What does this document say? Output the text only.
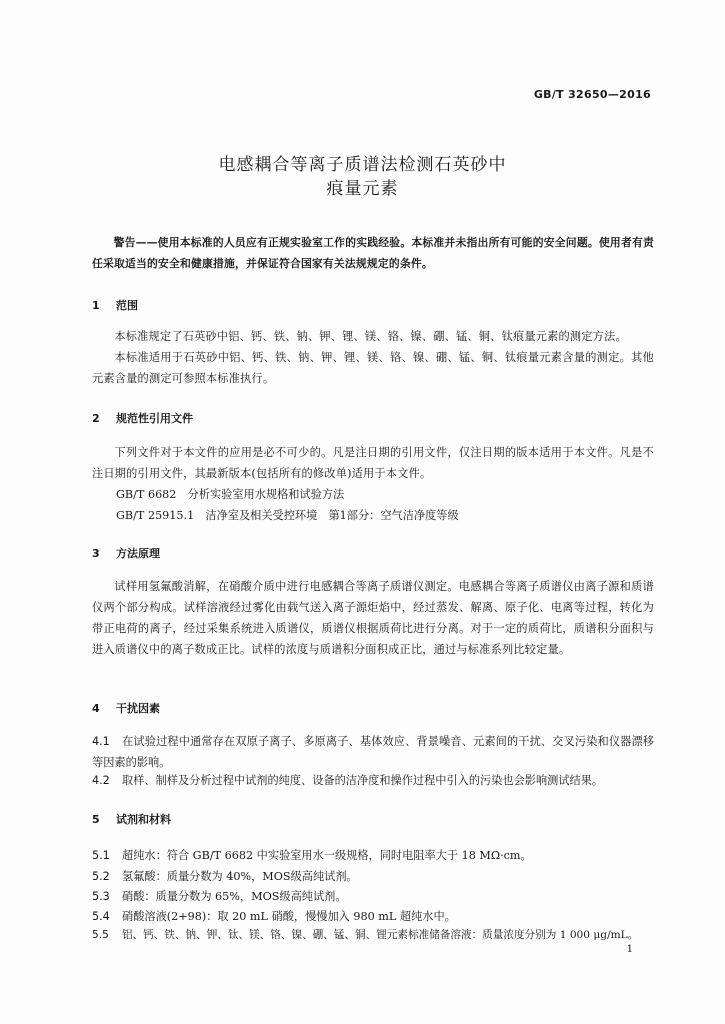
GB/T 32650—2016
电感耦合等离子质谱法检测石英砂中
痕量元素
警告——使用本标准的人员应有正规实验室工作的实践经验。本标准并未指出所有可能的安全问题。使用者有责任采取适当的安全和健康措施，并保证符合国家有关法规规定的条件。
1 范围
本标准规定了石英砂中铝、钙、铁、钠、钾、锂、镁、铬、镍、硼、锰、铜、钛痕量元素的测定方法。
本标准适用于石英砂中铝、钙、铁、钠、钾、锂、镁、铬、镍、硼、锰、铜、钛痕量元素含量的测定。其他元素含量的测定可参照本标准执行。
2 规范性引用文件
下列文件对于本文件的应用是必不可少的。凡是注日期的引用文件，仅注日期的版本适用于本文件。凡是不注日期的引用文件，其最新版本(包括所有的修改单)适用于本文件。
GB/T 6682　分析实验室用水规格和试验方法
GB/T 25915.1　洁净室及相关受控环境　第1部分：空气洁净度等级
3 方法原理
试样用氢氟酸消解，在硝酸介质中进行电感耦合等离子质谱仪测定。电感耦合等离子质谱仪由离子源和质谱仪两个部分构成。试样溶液经过雾化由载气送入离子源炬焰中，经过蒸发、解离、原子化、电离等过程，转化为带正电荷的离子，经过采集系统进入质谱仪，质谱仪根据质荷比进行分离。对于一定的质荷比，质谱积分面积与进入质谱仪中的离子数成正比。试样的浓度与质谱积分面积成正比，通过与标准系列比较定量。
4 干扰因素
4.1 在试验过程中通常存在双原子离子、多原离子、基体效应、背景噪音、元素间的干扰、交叉污染和仪器漂移等因素的影响。
4.2 取样、制样及分析过程中试剂的纯度、设备的洁净度和操作过程中引入的污染也会影响测试结果。
5 试剂和材料
5.1 超纯水：符合 GB/T 6682 中实验室用水一级规格，同时电阻率大于 18 MΩ·cm。
5.2 氢氟酸：质量分数为 40%，MOS级高纯试剂。
5.3 硝酸：质量分数为 65%，MOS级高纯试剂。
5.4 硝酸溶液(2+98)：取 20 mL 硝酸，慢慢加入 980 mL 超纯水中。
5.5 铝、钙、铁、钠、钾、钛、镁、铬、镍、硼、锰、铜、锂元素标准储备溶液：质量浓度分别为 1 000 μg/mL。
1
